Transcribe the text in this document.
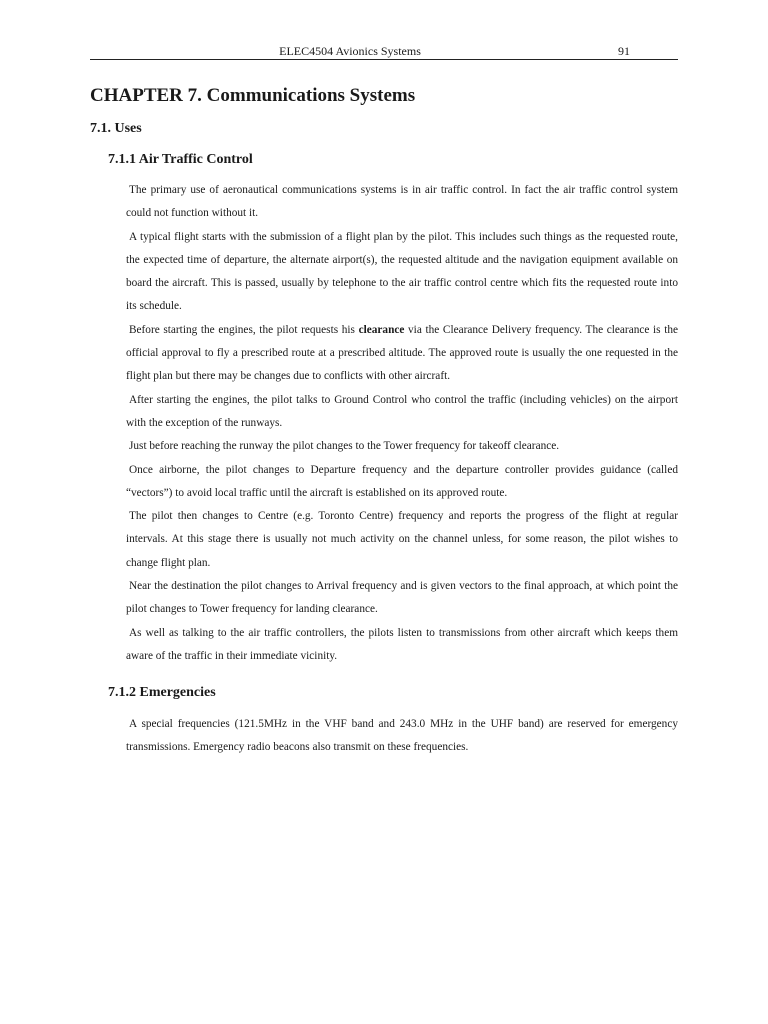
ELEC4504 Avionics Systems	91
CHAPTER 7. Communications Systems
7.1. Uses
7.1.1 Air Traffic Control

The primary use of aeronautical communications systems is in air traffic control. In fact the air traffic control system could not function without it.

A typical flight starts with the submission of a flight plan by the pilot. This includes such things as the requested route, the expected time of departure, the alternate airport(s), the requested altitude and the navigation equipment available on board the aircraft. This is passed, usually by telephone to the air traffic control centre which fits the requested route into its schedule.

Before starting the engines, the pilot requests his clearance via the Clearance Delivery frequency. The clearance is the official approval to fly a prescribed route at a prescribed altitude. The approved route is usually the one requested in the flight plan but there may be changes due to conflicts with other aircraft.

After starting the engines, the pilot talks to Ground Control who control the traffic (including vehicles) on the airport with the exception of the runways.

Just before reaching the runway the pilot changes to the Tower frequency for takeoff clearance.

Once airborne, the pilot changes to Departure frequency and the departure controller provides guidance (called “vectors”) to avoid local traffic until the aircraft is established on its approved route.

The pilot then changes to Centre (e.g. Toronto Centre) frequency and reports the progress of the flight at regular intervals. At this stage there is usually not much activity on the channel unless, for some reason, the pilot wishes to change flight plan.

Near the destination the pilot changes to Arrival frequency and is given vectors to the final approach, at which point the pilot changes to Tower frequency for landing clearance.

As well as talking to the air traffic controllers, the pilots listen to transmissions from other aircraft which keeps them aware of the traffic in their immediate vicinity.

7.1.2 Emergencies

A special frequencies (121.5MHz in the VHF band and 243.0 MHz in the UHF band) are reserved for emergency transmissions. Emergency radio beacons also transmit on these frequencies.
